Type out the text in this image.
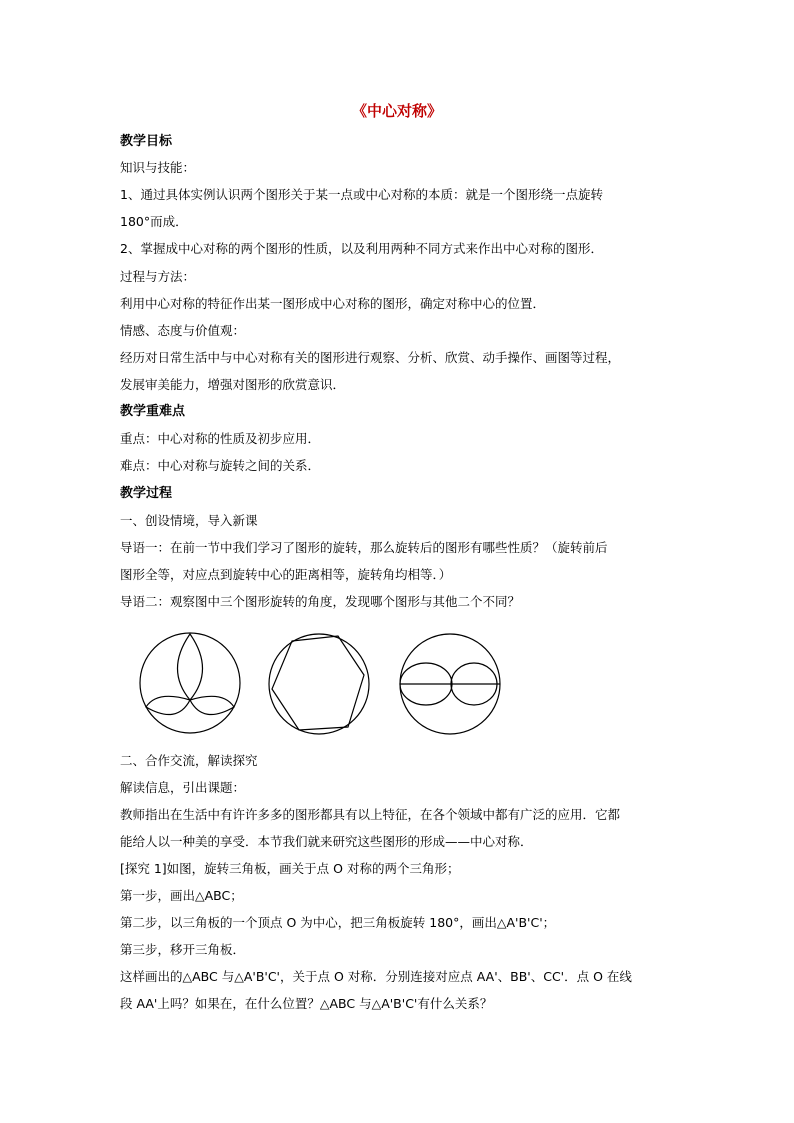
《中心对称》
教学目标
知识与技能：
1、通过具体实例认识两个图形关于某一点或中心对称的本质：就是一个图形绕一点旋转
180°而成．
2、掌握成中心对称的两个图形的性质，以及利用两种不同方式来作出中心对称的图形．
过程与方法：
利用中心对称的特征作出某一图形成中心对称的图形，确定对称中心的位置．
情感、态度与价值观：
经历对日常生活中与中心对称有关的图形进行观察、分析、欣赏、动手操作、画图等过程，
发展审美能力，增强对图形的欣赏意识．
教学重难点
重点：中心对称的性质及初步应用．
难点：中心对称与旋转之间的关系．
教学过程
一、创设情境，导入新课
导语一：在前一节中我们学习了图形的旋转，那么旋转后的图形有哪些性质？（旋转前后
图形全等，对应点到旋转中心的距离相等，旋转角均相等．）
导语二：观察图中三个图形旋转的角度，发现哪个图形与其他二个不同？
二、合作交流，解读探究
解读信息，引出课题：
教师指出在生活中有许许多多的图形都具有以上特征，在各个领域中都有广泛的应用．它都
能给人以一种美的享受．本节我们就来研究这些图形的形成——中心对称．
[探究 1]如图，旋转三角板，画关于点 O 对称的两个三角形；
第一步，画出△ABC；
第二步，以三角板的一个顶点 O 为中心，把三角板旋转 180°，画出△A'B'C'；
第三步，移开三角板．
这样画出的△ABC 与△A'B'C'，关于点 O 对称．分别连接对应点 AA'、BB'、CC'．点 O 在线
段 AA'上吗？如果在，在什么位置？△ABC 与△A'B'C'有什么关系？
